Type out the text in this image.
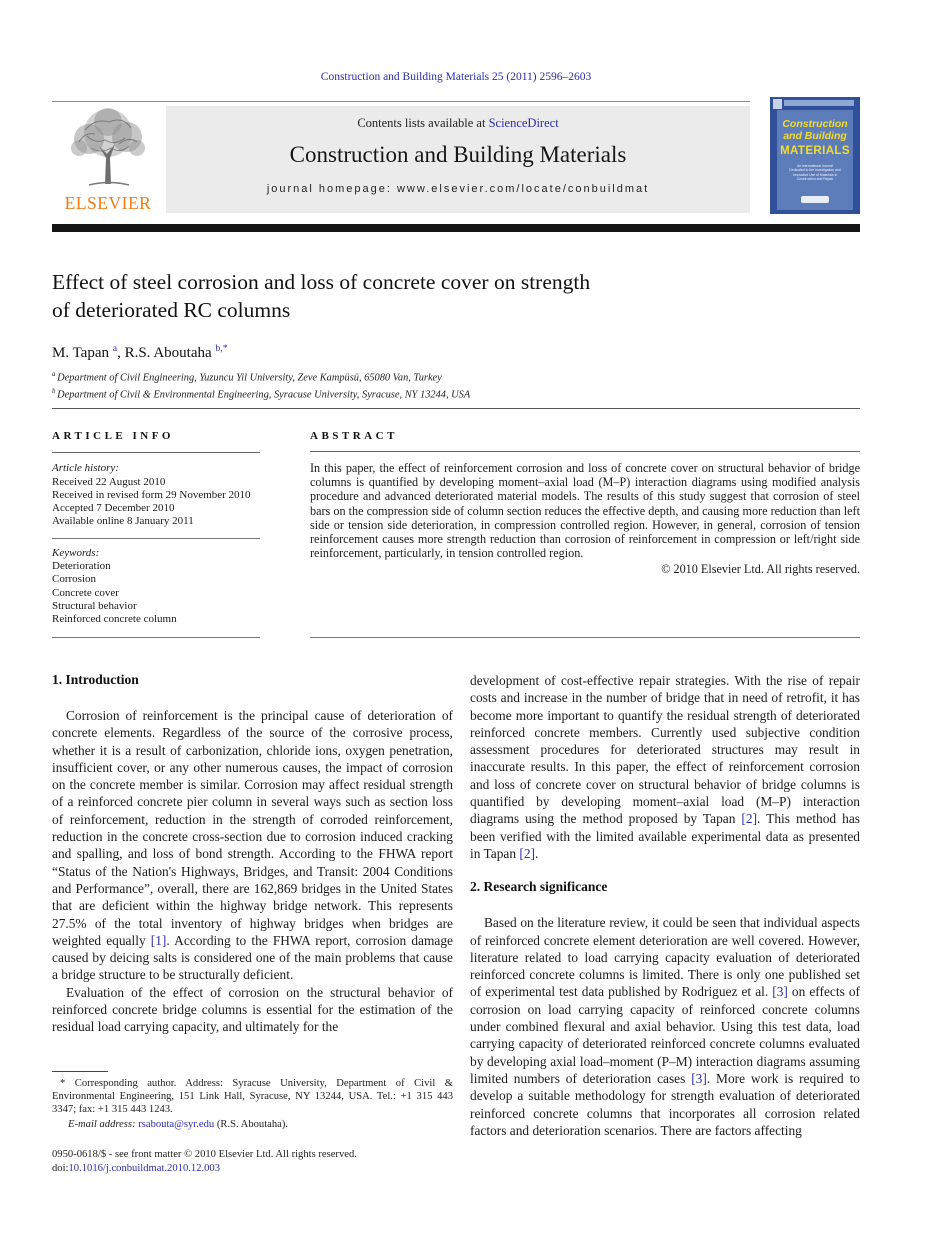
Construction and Building Materials 25 (2011) 2596–2603
ELSEVIER
Contents lists available at ScienceDirect
Construction and Building Materials
journal homepage: www.elsevier.com/locate/conbuildmat
Construction
and Building
MATERIALS
An International Journal Dedicated to the Investigation and Innovative Use of Materials in Construction and Repair
Effect of steel corrosion and loss of concrete cover on strength
of deteriorated RC columns
M. Tapan $^a$, R.S. Aboutaha $^{b,*}$
$^a$ Department of Civil Engineering, Yuzuncu Yil University, Zeve Kampüsü, 65080 Van, Turkey
$^b$ Department of Civil & Environmental Engineering, Syracuse University, Syracuse, NY 13244, USA
ARTICLE INFO
Article history:
Received 22 August 2010
Received in revised form 29 November 2010
Accepted 7 December 2010
Available online 8 January 2011
Keywords:
Deterioration
Corrosion
Concrete cover
Structural behavior
Reinforced concrete column
ABSTRACT
In this paper, the effect of reinforcement corrosion and loss of concrete cover on structural behavior of bridge columns is quantified by developing moment–axial load (M–P) interaction diagrams using modified analysis procedure and advanced deteriorated material models. The results of this study suggest that corrosion of steel bars on the compression side of column section reduces the effective depth, and causing more reduction than left side or tension side deterioration, in compression controlled region. However, in general, corrosion of tension reinforcement causes more strength reduction than corrosion of reinforcement in compression or left/right side reinforcement, particularly, in tension controlled region.
© 2010 Elsevier Ltd. All rights reserved.
1. Introduction

Corrosion of reinforcement is the principal cause of deterioration of concrete elements. Regardless of the source of the corrosive process, whether it is a result of carbonization, chloride ions, oxygen penetration, insufficient cover, or any other numerous causes, the impact of corrosion on the concrete member is similar. Corrosion may affect residual strength of a reinforced concrete pier column in several ways such as section loss of reinforcement, reduction in the strength of corroded reinforcement, reduction in the concrete cross-section due to corrosion induced cracking and spalling, and loss of bond strength. According to the FHWA report “Status of the Nation's Highways, Bridges, and Transit: 2004 Conditions and Performance”, overall, there are 162,869 bridges in the United States that are deficient within the highway bridge network. This represents 27.5% of the total inventory of highway bridges when bridges are weighted equally [1]. According to the FHWA report, corrosion damage caused by deicing salts is considered one of the main problems that cause a bridge structure to be structurally deficient.

Evaluation of the effect of corrosion on the structural behavior of reinforced concrete bridge columns is essential for the estimation of the residual load carrying capacity, and ultimately for the

development of cost-effective repair strategies. With the rise of repair costs and increase in the number of bridge that in need of retrofit, it has become more important to quantify the residual strength of deteriorated reinforced concrete members. Currently used subjective condition assessment procedures for deteriorated structures may result in inaccurate results. In this paper, the effect of reinforcement corrosion and loss of concrete cover on structural behavior of bridge columns is quantified by developing moment–axial load (M–P) interaction diagrams using the method proposed by Tapan [2]. This method has been verified with the limited available experimental data as presented in Tapan [2].

2. Research significance

Based on the literature review, it could be seen that individual aspects of reinforced concrete element deterioration are well covered. However, literature related to load carrying capacity evaluation of deteriorated reinforced concrete columns is limited. There is only one published set of experimental test data published by Rodriguez et al. [3] on effects of corrosion on load carrying capacity of reinforced concrete columns under combined flexural and axial behavior. Using this test data, load carrying capacity of deteriorated reinforced concrete columns evaluated by developing axial load–moment (P–M) interaction diagrams assuming limited numbers of deterioration cases [3]. More work is required to develop a suitable methodology for strength evaluation of deteriorated reinforced concrete columns that incorporates all corrosion related factors and deterioration scenarios. There are factors affecting

* Corresponding author. Address: Syracuse University, Department of Civil & Environmental Engineering, 151 Link Hall, Syracuse, NY 13244, USA. Tel.: +1 315 443 3347; fax: +1 315 443 1243.
E-mail address: rsabouta@syr.edu (R.S. Aboutaha).
0950-0618/$ - see front matter © 2010 Elsevier Ltd. All rights reserved.
doi:10.1016/j.conbuildmat.2010.12.003
